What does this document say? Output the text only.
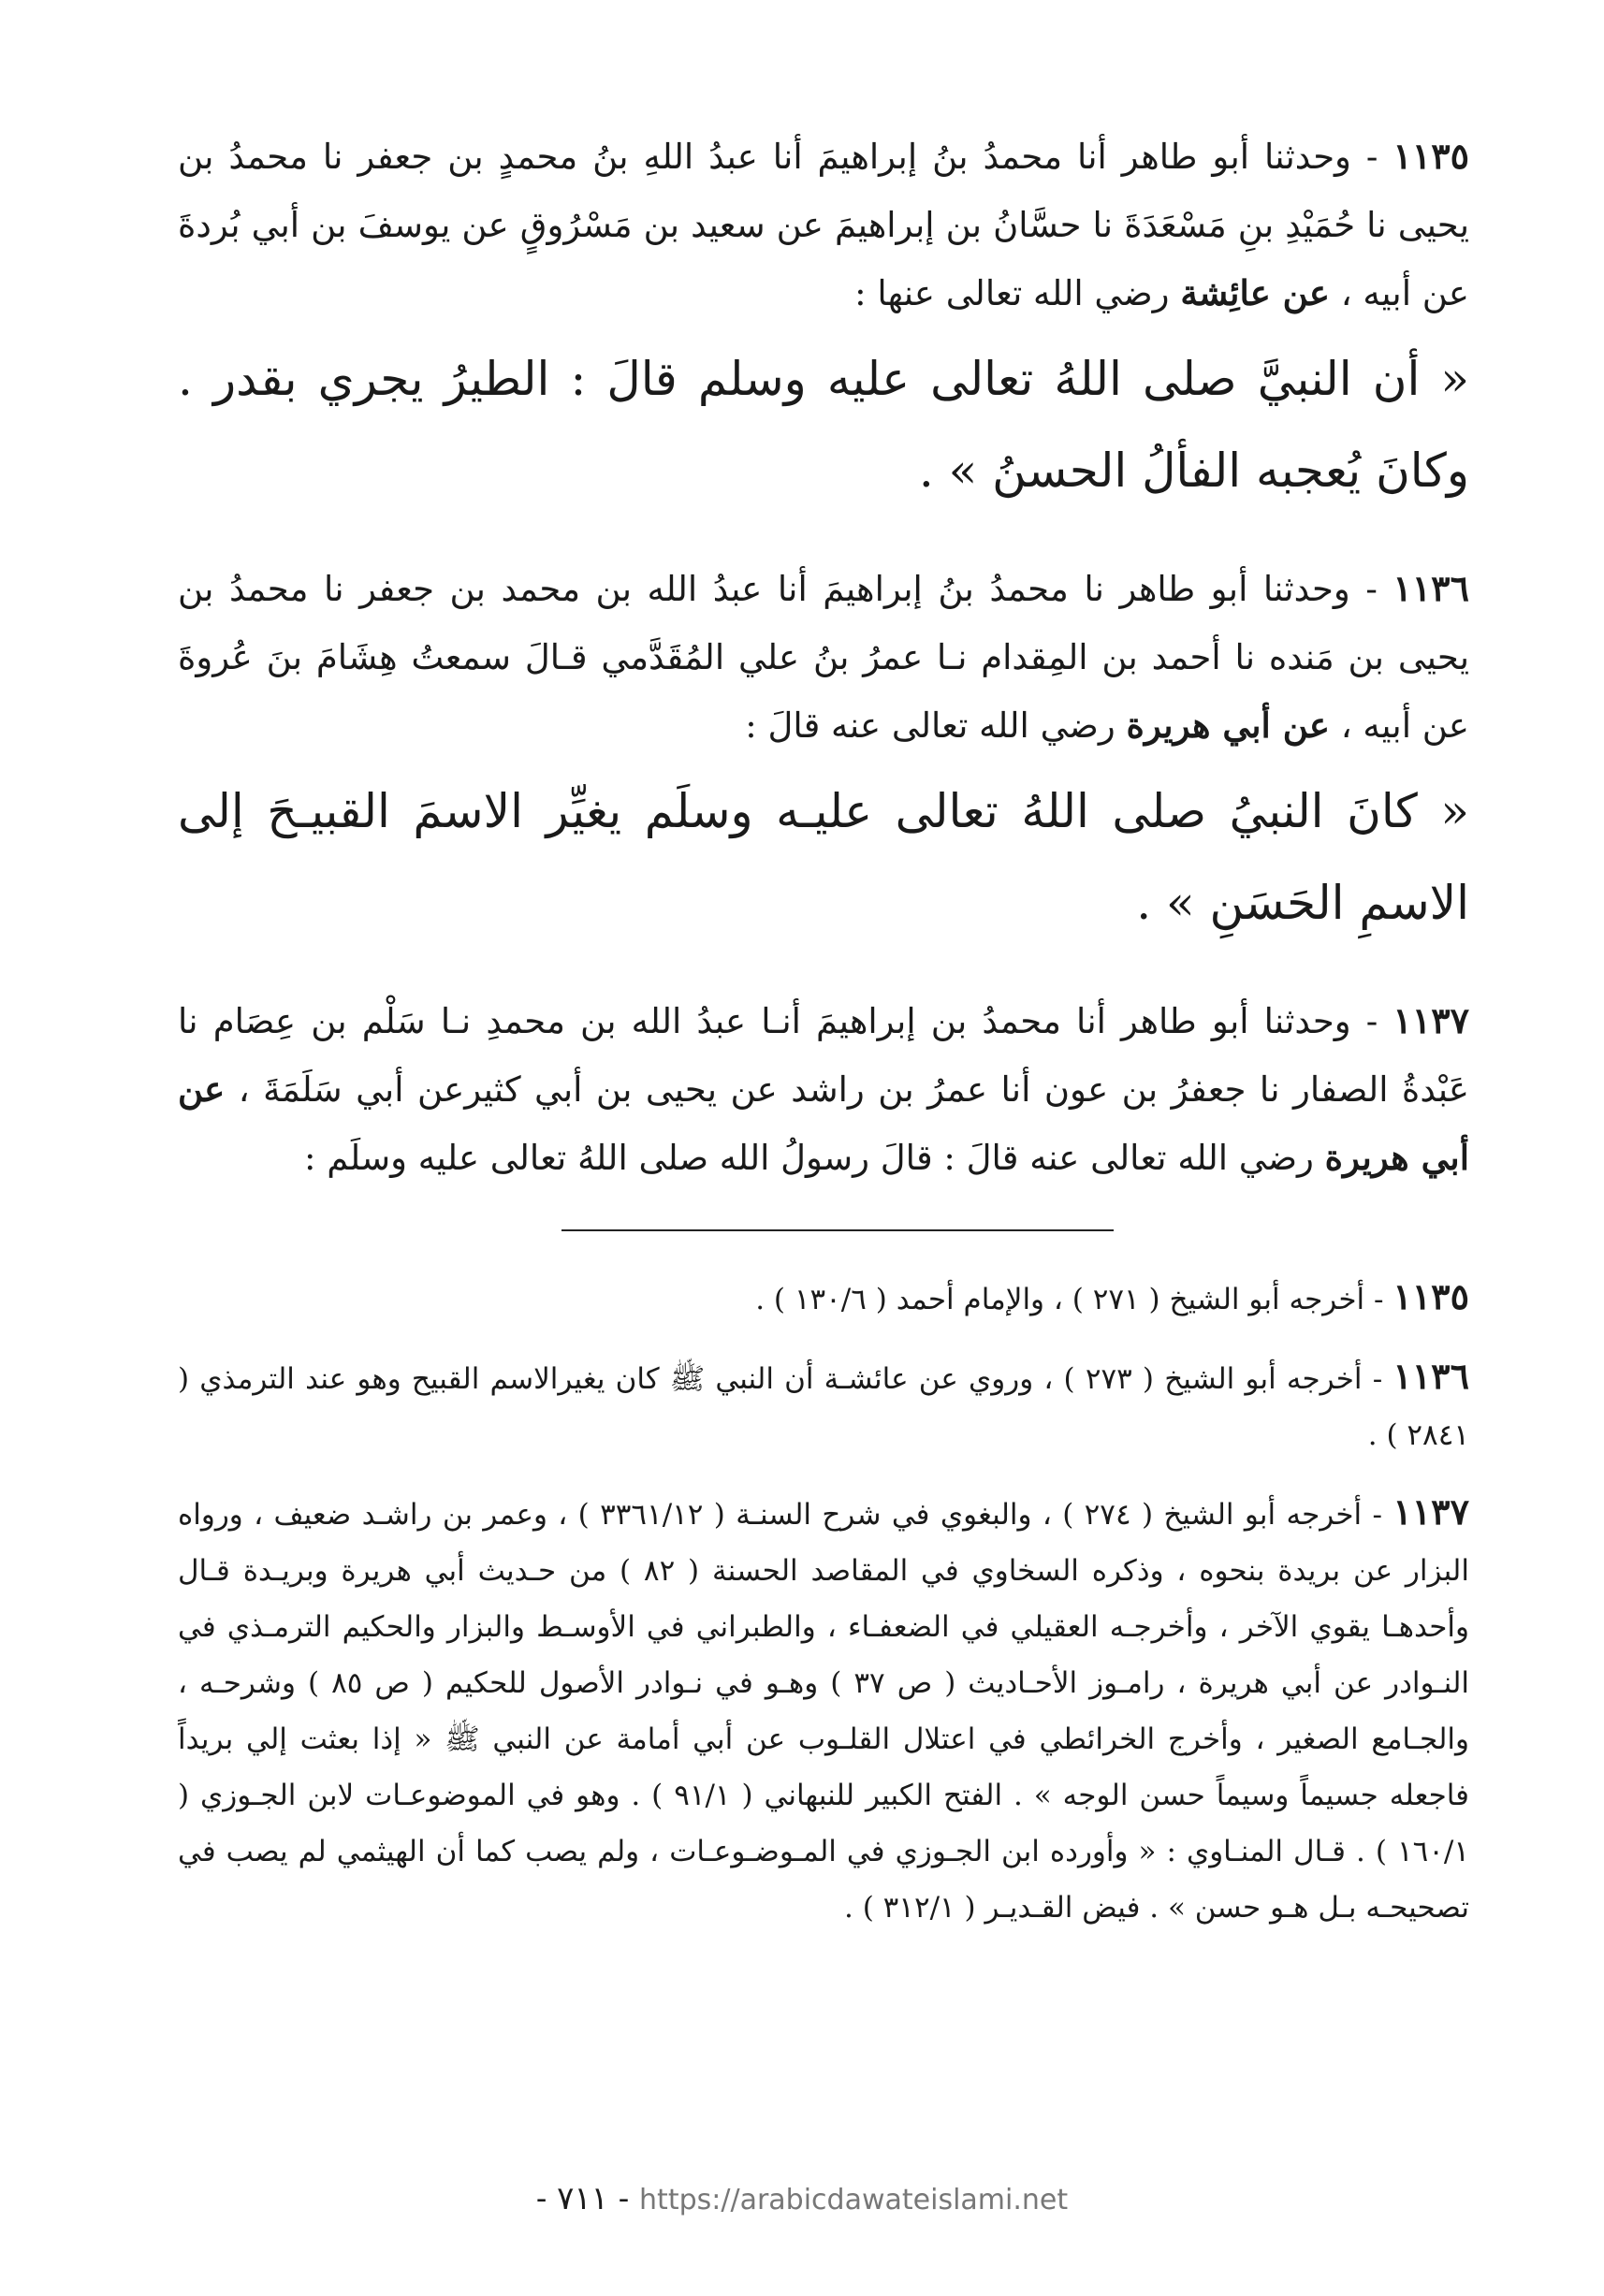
١١٣٥ - وحدثنا أبو طاهر أنا محمدُ بنُ إبراهيمَ أنا عبدُ اللهِ بنُ محمدٍ بن جعفر نا محمدُ بن يحيى نا حُمَيْدِ بنِ مَسْعَدَةَ نا حسَّانُ بن إبراهيمَ عن سعيد بن مَسْرُوقٍ عن يوسفَ بن أبي بُردةَ عن أبيه ، عن عائِشة رضي الله تعالى عنها :

« أن النبيَّ صلى اللهُ تعالى عليه وسلم قالَ : الطيرُ يجري بقدر . وكانَ يُعجبه الفألُ الحسنُ » .

١١٣٦ - وحدثنا أبو طاهر نا محمدُ بنُ إبراهيمَ أنا عبدُ الله بن محمد بن جعفر نا محمدُ بن يحيى بن مَنده نا أحمد بن المِقدام نـا عمرُ بنُ علي المُقَدَّمي قـالَ سمعتُ هِشَامَ بنَ عُروةَ عن أبيه ، عن أبي هريرة رضي الله تعالى عنه قالَ :

« كانَ النبيُ صلى اللهُ تعالى عليـه وسلَم يغيِّر الاسمَ القبيـحَ إلى الاسمِ الحَسَنِ » .

١١٣٧ - وحدثنا أبو طاهر أنا محمدُ بن إبراهيمَ أنـا عبدُ الله بن محمدِ نـا سَلْم بن عِصَام نا عَبْدةُ الصفار نا جعفرُ بن عون أنا عمرُ بن راشد عن يحيى بن أبي كثيرعن أبي سَلَمَةَ ، عن أبي هريرة رضي الله تعالى عنه قالَ : قالَ رسولُ الله صلى اللهُ تعالى عليه وسلَم :

١١٣٥ - أخرجه أبو الشيخ ( ٢٧١ ) ، والإمام أحمد ( ١٣٠/٦ ) .

١١٣٦ - أخرجه أبو الشيخ ( ٢٧٣ ) ، وروي عن عائشـة أن النبي ﷺ كان يغيرالاسم القبيح وهو عند الترمذي ( ٢٨٤١ ) .

١١٣٧ - أخرجه أبو الشيخ ( ٢٧٤ ) ، والبغوي في شرح السنـة ( ٣٣٦١/١٢ ) ، وعمر بن راشـد ضعيف ، ورواه البزار عن بريدة بنحوه ، وذكره السخاوي في المقاصد الحسنة ( ٨٢ ) من حـديث أبي هريرة وبريـدة قـال وأحدهـا يقوي الآخر ، وأخرجـه العقيلي في الضعفـاء ، والطبراني في الأوسـط والبزار والحكيم الترمـذي في النـوادر عن أبي هريرة ، رامـوز الأحـاديث ( ص ٣٧ ) وهـو في نـوادر الأصول للحكيم ( ص ٨٥ ) وشرحـه ، والجـامع الصغير ، وأخرج الخرائطي في اعتلال القلـوب عن أبي أمامة عن النبي ﷺ « إذا بعثت إلي بريداً فاجعله جسيماً وسيماً حسن الوجه » . الفتح الكبير للنبهاني ( ٩١/١ ) . وهو في الموضوعـات لابن الجـوزي ( ١٦٠/١ ) . قـال المنـاوي : « وأورده ابن الجـوزي في المـوضـوعـات ، ولم يصب كما أن الهيثمي لم يصب في تصحيحـه بـل هـو حسن » . فيض القـديـر ( ٣١٢/١ ) .

- ٧١١ - https://arabicdawateislami.net
